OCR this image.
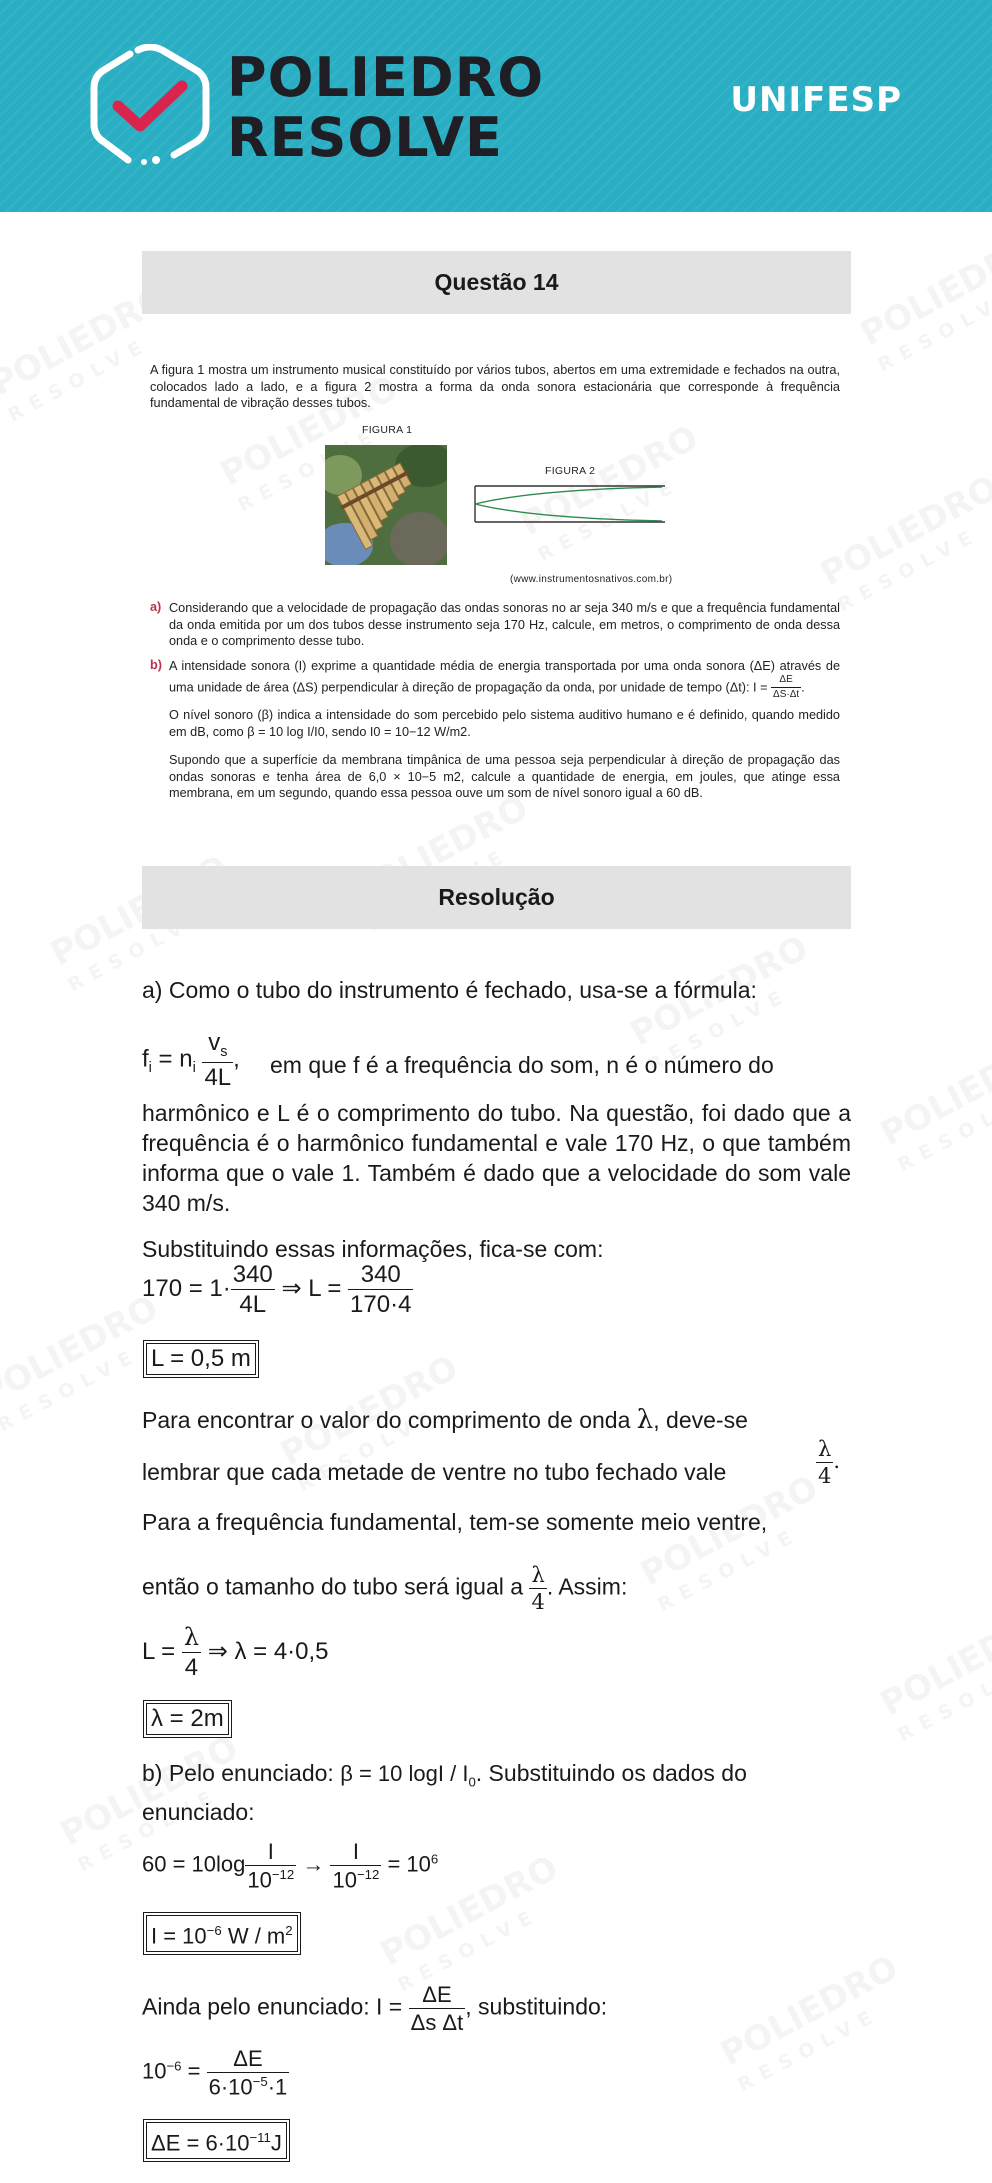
POLIEDRO
RESOLVE
UNIFESP
Questão 14
A figura 1 mostra um instrumento musical constituído por vários tubos, abertos em uma extremidade e fechados na outra, colocados lado a lado, e a figura 2 mostra a forma da onda sonora estacionária que corresponde à frequência fundamental de vibração desses tubos.
FIGURA 1
FIGURA 2
(www.instrumentosnativos.com.br)
a) Considerando que a velocidade de propagação das ondas sonoras no ar seja 340 m/s e que a frequência fundamental da onda emitida por um dos tubos desse instrumento seja 170 Hz, calcule, em metros, o comprimento de onda dessa onda e o comprimento desse tubo.
b) A intensidade sonora (I) exprime a quantidade média de energia transportada por uma onda sonora (ΔE) através de uma unidade de área (ΔS) perpendicular à direção de propagação da onda, por unidade de tempo (Δt): $I = \frac{\Delta E}{\Delta S\cdot\Delta t}$ .
O nível sonoro (β) indica a intensidade do som percebido pelo sistema auditivo humano e é definido, quando medido em dB, como β = 10 log I/I0, sendo I0 = 10−12 W/m2.
Supondo que a superfície da membrana timpânica de uma pessoa seja perpendicular à direção de propagação das ondas sonoras e tenha área de 6,0 × 10−5 m2, calcule a quantidade de energia, em joules, que atinge essa membrana, em um segundo, quando essa pessoa ouve um som de nível sonoro igual a 60 dB.
Resolução
a) Como o tubo do instrumento é fechado, usa-se a fórmula:
$f_i = n_i \frac{v_s}{4L}$ , em que f é a frequência do som, n é o número do
harmônico e L é o comprimento do tubo. Na questão, foi dado que a frequência é o harmônico fundamental e vale 170 Hz, o que também informa que o vale 1. Também é dado que a velocidade do som vale 340 m/s.
Substituindo essas informações, fica-se com:
$170 = 1\cdot \frac{340}{4L}$ ⇒ $L = \frac{340}{170\cdot 4}$
L = 0,5 m
Para encontrar o valor do comprimento de onda λ, deve-se
lembrar que cada metade de ventre no tubo fechado vale	$\frac{\lambda}{4}$ .
Para a frequência fundamental, tem-se somente meio ventre,
então o tamanho do tubo será igual a $\frac{\lambda}{4}$ . Assim:
$L = \frac{\lambda}{4}$ ⇒ λ = 4·0,5
λ = 2m
b) Pelo enunciado: β = 10 logI / $I_0$. Substituindo os dados do
enunciado:
$60 = 10\log \frac{I}{10^{-12}} \to \frac{I}{10^{-12}} = 10^6$
$I = 10^{-6}$ W / $m^2$
Ainda pelo enunciado: $I = \frac{\Delta E}{\text{Δs Δt}}$ , substituindo:
$10^{-6} = \frac{\Delta E}{6\cdot 10^{-5}\cdot 1}$
$\Delta E = 6\cdot 10^{-11}J$
